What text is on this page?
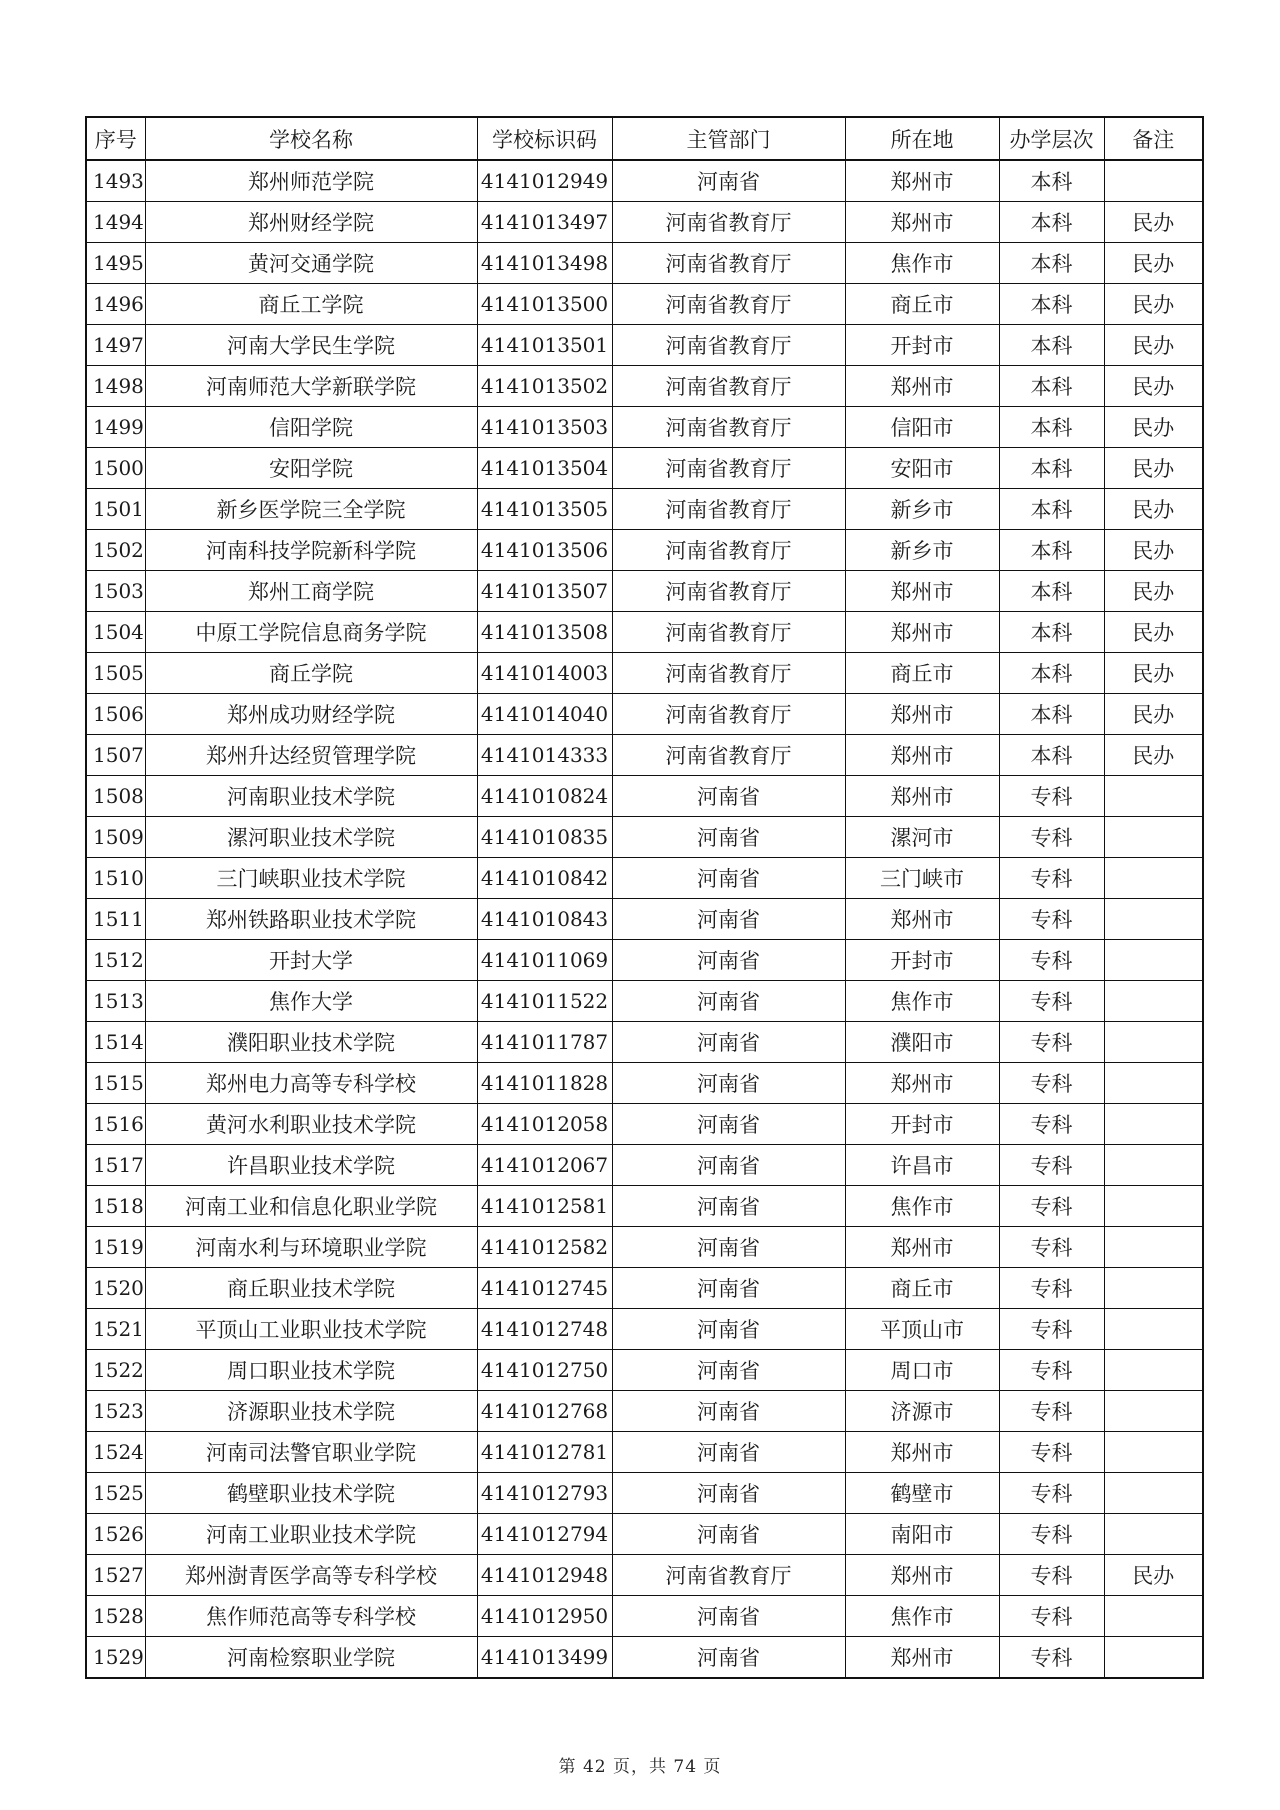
序号	学校名称	学校标识码	主管部门	所在地	办学层次	备注
1493	郑州师范学院	4141012949	河南省	郑州市	本科	
1494	郑州财经学院	4141013497	河南省教育厅	郑州市	本科	民办
1495	黄河交通学院	4141013498	河南省教育厅	焦作市	本科	民办
1496	商丘工学院	4141013500	河南省教育厅	商丘市	本科	民办
1497	河南大学民生学院	4141013501	河南省教育厅	开封市	本科	民办
1498	河南师范大学新联学院	4141013502	河南省教育厅	郑州市	本科	民办
1499	信阳学院	4141013503	河南省教育厅	信阳市	本科	民办
1500	安阳学院	4141013504	河南省教育厅	安阳市	本科	民办
1501	新乡医学院三全学院	4141013505	河南省教育厅	新乡市	本科	民办
1502	河南科技学院新科学院	4141013506	河南省教育厅	新乡市	本科	民办
1503	郑州工商学院	4141013507	河南省教育厅	郑州市	本科	民办
1504	中原工学院信息商务学院	4141013508	河南省教育厅	郑州市	本科	民办
1505	商丘学院	4141014003	河南省教育厅	商丘市	本科	民办
1506	郑州成功财经学院	4141014040	河南省教育厅	郑州市	本科	民办
1507	郑州升达经贸管理学院	4141014333	河南省教育厅	郑州市	本科	民办
1508	河南职业技术学院	4141010824	河南省	郑州市	专科	
1509	漯河职业技术学院	4141010835	河南省	漯河市	专科	
1510	三门峡职业技术学院	4141010842	河南省	三门峡市	专科	
1511	郑州铁路职业技术学院	4141010843	河南省	郑州市	专科	
1512	开封大学	4141011069	河南省	开封市	专科	
1513	焦作大学	4141011522	河南省	焦作市	专科	
1514	濮阳职业技术学院	4141011787	河南省	濮阳市	专科	
1515	郑州电力高等专科学校	4141011828	河南省	郑州市	专科	
1516	黄河水利职业技术学院	4141012058	河南省	开封市	专科	
1517	许昌职业技术学院	4141012067	河南省	许昌市	专科	
1518	河南工业和信息化职业学院	4141012581	河南省	焦作市	专科	
1519	河南水利与环境职业学院	4141012582	河南省	郑州市	专科	
1520	商丘职业技术学院	4141012745	河南省	商丘市	专科	
1521	平顶山工业职业技术学院	4141012748	河南省	平顶山市	专科	
1522	周口职业技术学院	4141012750	河南省	周口市	专科	
1523	济源职业技术学院	4141012768	河南省	济源市	专科	
1524	河南司法警官职业学院	4141012781	河南省	郑州市	专科	
1525	鹤壁职业技术学院	4141012793	河南省	鹤壁市	专科	
1526	河南工业职业技术学院	4141012794	河南省	南阳市	专科	
1527	郑州澍青医学高等专科学校	4141012948	河南省教育厅	郑州市	专科	民办
1528	焦作师范高等专科学校	4141012950	河南省	焦作市	专科	
1529	河南检察职业学院	4141013499	河南省	郑州市	专科	
第 42 页，共 74 页
